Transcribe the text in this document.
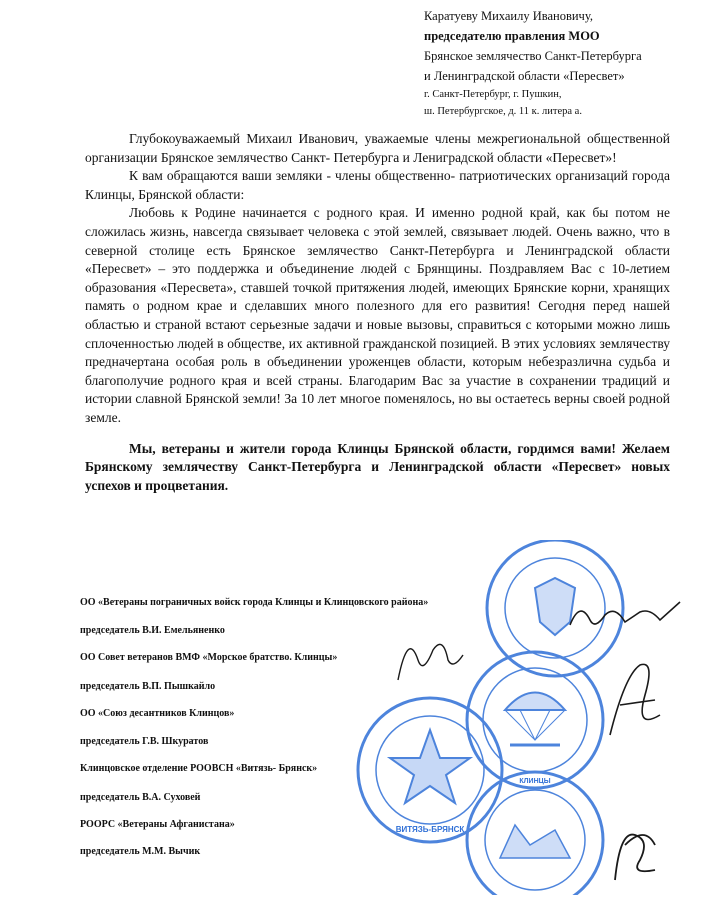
Каратуеву Михаилу Ивановичу,
председателю правления МОО
Брянское землячество Санкт-Петербурга
и Ленинградской области «Пересвет»
г. Санкт-Петербург, г. Пушкин,
ш. Петербургское, д. 11 к. литера а.

Глубокоуважаемый Михаил Иванович, уважаемые члены межрегиональной общественной организации Брянское землячество Санкт- Петербурга и Лениградской области «Пересвет»!

К вам обращаются ваши земляки - члены общественно- патриотических организаций города Клинцы, Брянской области:

Любовь к Родине начинается с родного края. И именно родной край, как бы потом не сложилась жизнь, навсегда связывает человека с этой землей, связывает людей. Очень важно, что в северной столице есть Брянское землячество Санкт-Петербурга и Ленинградской области «Пересвет» – это поддержка и объединение людей с Брянщины. Поздравляем Вас с 10-летием образования «Пересвета», ставшей точкой притяжения людей, имеющих Брянские корни, хранящих память о родном крае и сделавших много полезного для его развития! Сегодня перед нашей областью и страной встают серьезные задачи и новые вызовы, справиться с которыми можно лишь сплоченностью людей в обществе, их активной гражданской позицией. В этих условиях землячеству предначертана особая роль в объединении уроженцев области, которым небезразлична судьба и благополучие родного края и всей страны. Благодарим Вас за участие в сохранении традиций и истории славной Брянской земли! За 10 лет многое поменялось, но вы остаетесь верны своей родной земле.

Мы, ветераны и жители города Клинцы Брянской области, гордимся вами! Желаем Брянскому землячеству Санкт-Петербурга и Ленинградской области «Пересвет» новых успехов и процветания.

ОО «Ветераны пограничных войск города Клинцы и Клинцовского района»
председатель В.И. Емельяненко
ОО Совет ветеранов ВМФ «Морское братство. Клинцы»
председатель В.П. Пышкайло
ОО «Союз десантников Клинцов»
председатель Г.В. Шкуратов
Клинцовское отделение РООВСН «Витязь- Брянск»
председатель В.А. Суховей
РООРС «Ветераны Афганистана»
председатель М.М. Вычик
ВИТЯЗЬ-БРЯНСК
КЛИНЦЫ
